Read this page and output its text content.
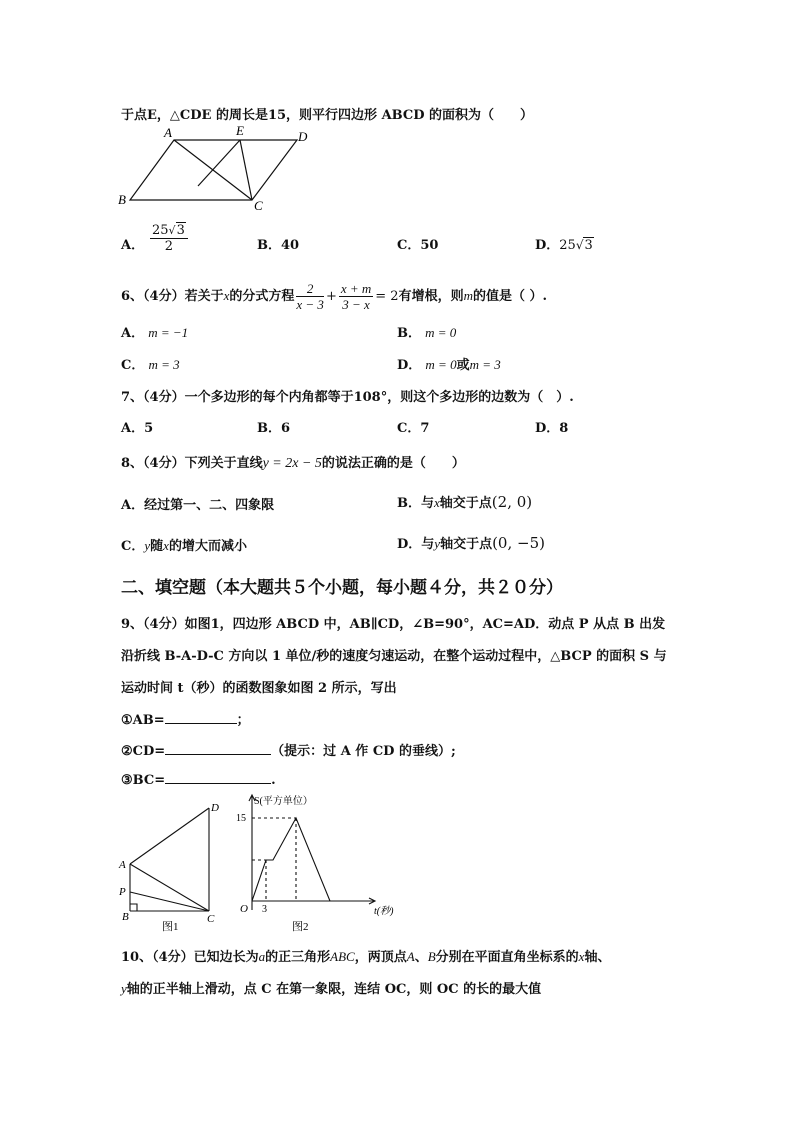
于点E，△CDE 的周长是15，则平行四边形 ABCD 的面积为（　　）
A	E	D
B	C
A． $\frac{25√3}{2}$	B．40	C．50	D．25√3
6、（4分）若关于x的分式方程 $\frac{2}{x - 3} + \frac{x + m}{3 - x} = 2$有增根，则m的值是（ ）.
A． m = −1	B． m = 0
C． m = 3	D． m = 0或m = 3
7、（4分）一个多边形的每个内角都等于108°，则这个多边形的边数为（　）.
A．5	B．6	C．7	D．8
8、（4分）下列关于直线y = 2x − 5的说法正确的是（　　）
A．经过第一、二、四象限	B．与x轴交于点(2, 0)
C．y随x的增大而减小	D．与y轴交于点(0, −5)
二、填空题（本大题共５个小题，每小题４分，共２０分）
9、（4分）如图1，四边形 ABCD 中，AB∥CD，∠B=90°，AC=AD．动点 P 从点 B 出发
沿折线 B-A-D-C 方向以 1 单位/秒的速度匀速运动，在整个运动过程中，△BCP 的面积 S 与
运动时间 t（秒）的函数图象如图 2 所示，写出
①AB=	；
②CD=	（提示：过 A 作 CD 的垂线）;
③BC=	.
D
A
P
B	C
图1
S(平方单位）
15
O 3	t(秒)
图2
10、（4分）已知边长为a的正三角形ABC，两顶点A、B分别在平面直角坐标系的x轴、
y轴的正半轴上滑动，点 C 在第一象限，连结 OC，则 OC 的长的最大值
